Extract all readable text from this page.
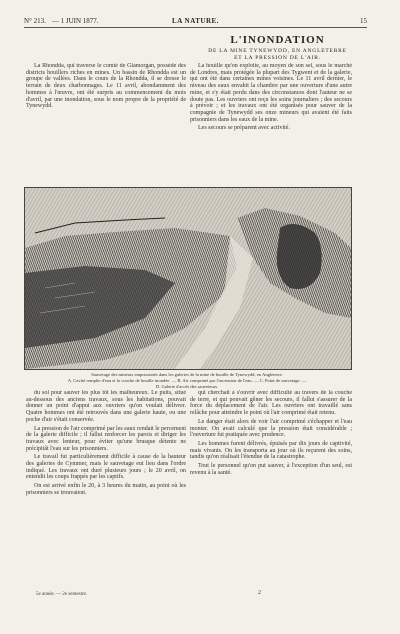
N° 213. — 1 JUIN 1877.	LA NATURE.	15
L'INONDATION
DE LA MINE TYNEWYDD, EN ANGLETERRE
ET LA PRESSION DE L'AIR.

La Rhondda, qui traverse le comté de Glamorgan, possède des districts houillers riches en mines. Un bassin de Rhondda est un groupe de vallées. Dans le cours de la Rhondda, il se dresse le terrain de deux charbonnages. Le 11 avril, abondamment des hommes à l'œuvre, ont été surpris au commencement du mois d'avril, par une inondation, sous le nom propre de la propriété de Tynewydd.

La houille qu'on exploite, au moyen de son sel, sous le marché de Londres, mais protégée la plupart des Tygwent et de la galerie, qui ont été dans certaines mines voisines. Le 11 avril dernier, le niveau des eaux envahit la chambre par une ouverture d'une autre mine, et s'y était perdu dans des circonstances dont l'auteur ne se doute pas. Les ouvriers ont reçu les soins journaliers ; des secours à prévoir ; et les travaux ont été organisés pour sauver de la compagnie de Tynewydd ses onze mineurs qui avaient été faits prisonniers dans les eaux de la mine.

Les secours se préparent avec activité.

Sauvetage des mineurs emprisonnés dans les galeries de la mine de houille de Tynewydd, en Angleterre.
A. Cavité remplie d'eau et la couche de houille inondée. — B. Air comprimé par l'ascension de l'eau. — C. Point de sauvetage. —
D. Galerie d'accès des sauveteurs.

du sol pour sauver les plus tôt les malheureux. Le puits, situé au-dessous des anciens travaux, sous les habitations, pouvait donner un point d'appui aux ouvriers qu'on voulait délivrer. Quatre hommes ont été retrouvés dans une galerie haute, ou une poche d'air s'était conservée.

La pression de l'air comprimé par les eaux rendait le percement de la galerie difficile ; il fallut renforcer les parois et diriger les travaux avec lenteur, pour éviter qu'une brusque détente ne précipitât l'eau sur les prisonniers.

Le travail fut particulièrement difficile à cause de la hauteur des galeries de Cymmer, mais le sauvetage eut lieu dans l'ordre indiqué. Les travaux ont duré plusieurs jours ; le 20 avril, on entendit les coups frappés par les captifs.

On est arrivé enfin le 20, à 3 heures du matin, au point où les prisonniers se trouvaient.

qui cherchait à s'ouvrir avec difficulté au travers de la couche de terre, et qui pouvait gêner les secours, il fallut s'assurer de la force du déplacement de l'air. Les ouvriers ont travaillé sans relâche pour atteindre le point où l'air comprimé était retenu.

Le danger était alors de voir l'air comprimé s'échapper et l'eau monter. On avait calculé que la pression était considérable ; l'ouverture fut pratiquée avec prudence.

Les hommes furent délivrés, épuisés par dix jours de captivité, mais vivants. On les transporta au jour où ils reçurent des soins, tandis qu'on réalisait l'étendue de la catastrophe.

Tout le personnel qu'on put sauver, à l'exception d'un seul, est revenu à la santé.

5e année. — 2e semestre.	2
